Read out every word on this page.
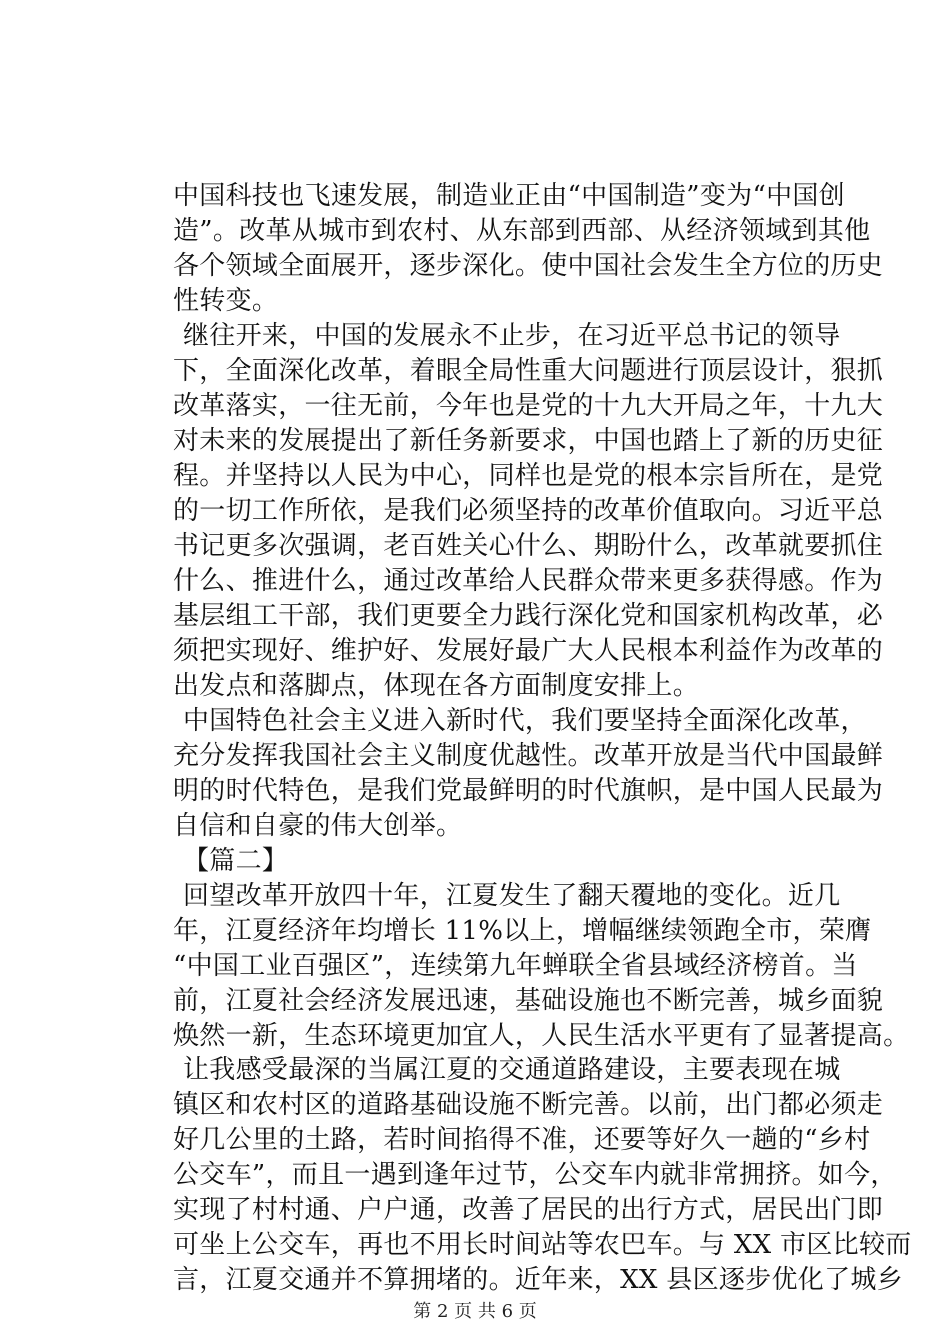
中国科技也飞速发展，制造业正由“中国制造”变为“中国创
造”。改革从城市到农村、从东部到西部、从经济领域到其他
各个领域全面展开，逐步深化。使中国社会发生全方位的历史
性转变。
继往开来，中国的发展永不止步，在习近平总书记的领导
下，全面深化改革，着眼全局性重大问题进行顶层设计，狠抓
改革落实，一往无前，今年也是党的十九大开局之年，十九大
对未来的发展提出了新任务新要求，中国也踏上了新的历史征
程。并坚持以人民为中心，同样也是党的根本宗旨所在，是党
的一切工作所依，是我们必须坚持的改革价值取向。习近平总
书记更多次强调，老百姓关心什么、期盼什么，改革就要抓住
什么、推进什么，通过改革给人民群众带来更多获得感。作为
基层组工干部，我们更要全力践行深化党和国家机构改革，必
须把实现好、维护好、发展好最广大人民根本利益作为改革的
出发点和落脚点，体现在各方面制度安排上。
中国特色社会主义进入新时代，我们要坚持全面深化改革，
充分发挥我国社会主义制度优越性。改革开放是当代中国最鲜
明的时代特色，是我们党最鲜明的时代旗帜，是中国人民最为
自信和自豪的伟大创举。
【篇二】
回望改革开放四十年，江夏发生了翻天覆地的变化。近几
年，江夏经济年均增长 11%以上，增幅继续领跑全市，荣膺
“中国工业百强区”，连续第九年蝉联全省县域经济榜首。当
前，江夏社会经济发展迅速，基础设施也不断完善，城乡面貌
焕然一新，生态环境更加宜人，人民生活水平更有了显著提高。
第 2 页 共 6 页
让我感受最深的当属江夏的交通道路建设，主要表现在城
镇区和农村区的道路基础设施不断完善。以前，出门都必须走
好几公里的土路，若时间掐得不准，还要等好久一趟的“乡村
公交车”，而且一遇到逢年过节，公交车内就非常拥挤。如今，
实现了村村通、户户通，改善了居民的出行方式，居民出门即
可坐上公交车，再也不用长时间站等农巴车。与 XX 市区比较而
言，江夏交通并不算拥堵的。近年来，XX 县区逐步优化了城乡
